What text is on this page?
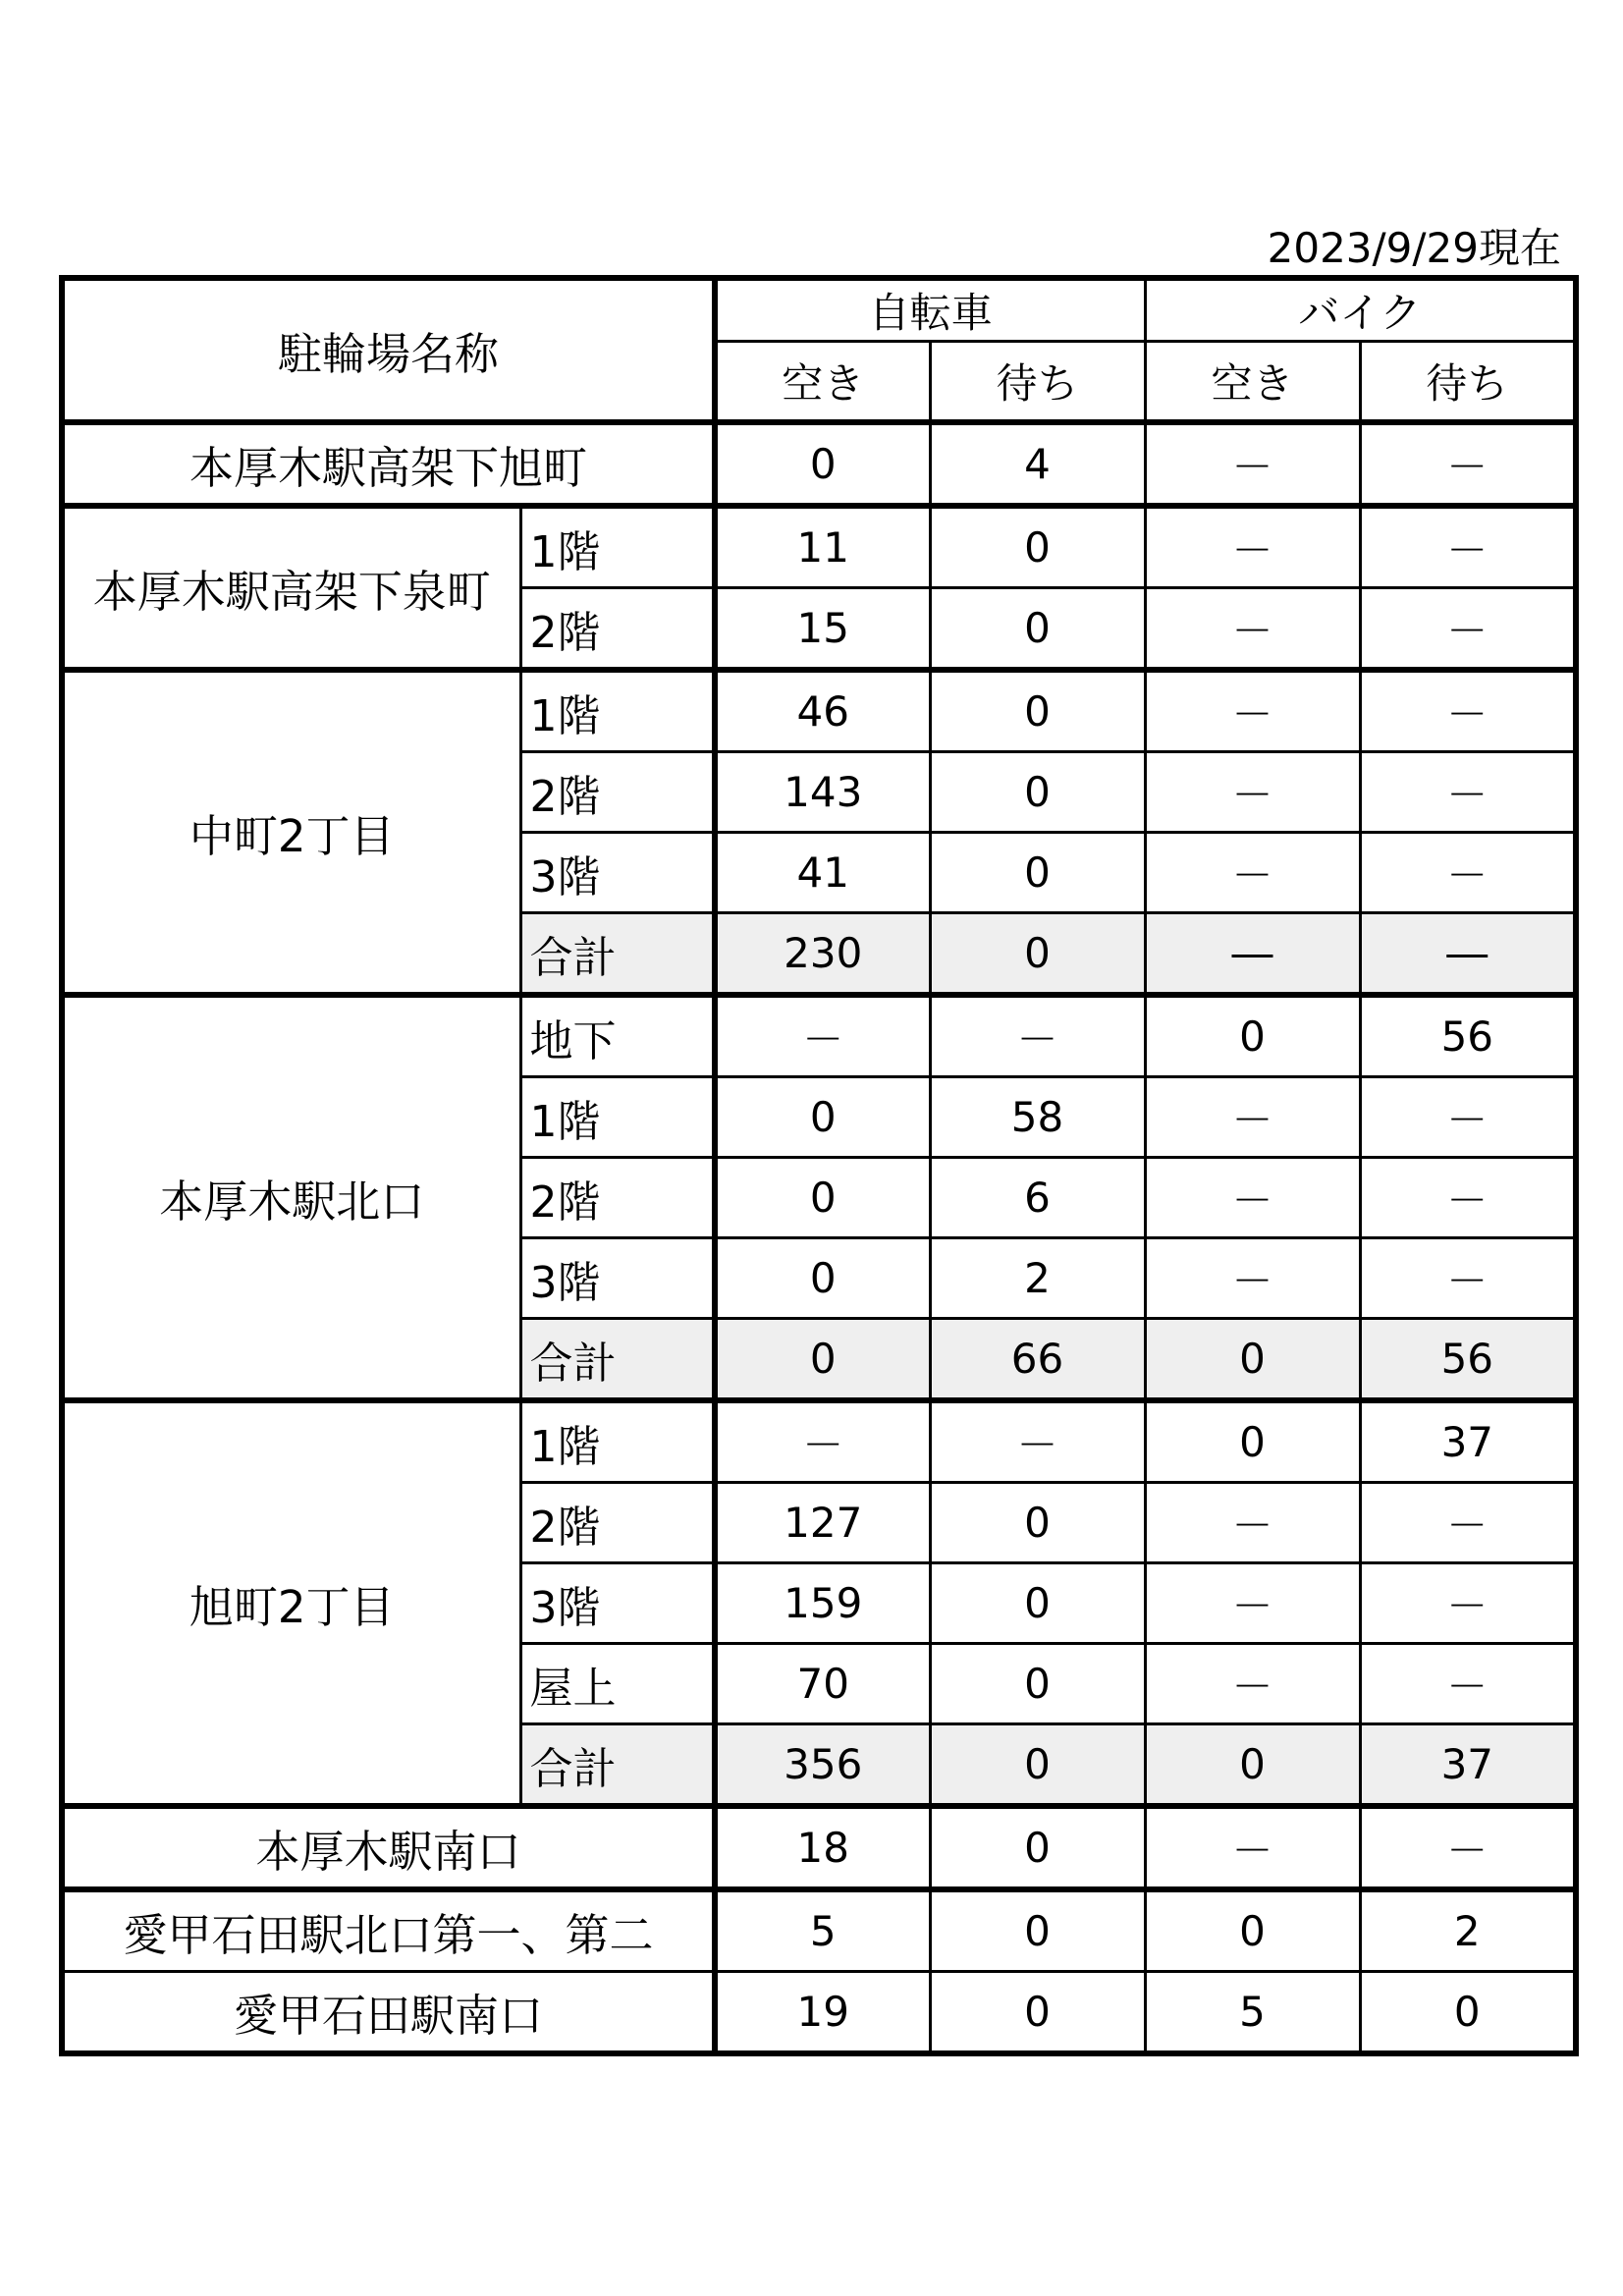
2023/9/29現在
駐輪場名称		自転車		バイク	
		空き	待ち	空き	待ち
本厚木駅高架下旭町		0	4	－	－
本厚木駅高架下泉町	1階	11	0	－	－
	2階	15	0	－	－
中町2丁目	1階	46	0	－	－
	2階	143	0	－	－
	3階	41	0	－	－
	合計	230	0	―	―
本厚木駅北口	地下	－	－	0	56
	1階	0	58	－	－
	2階	0	6	－	－
	3階	0	2	－	－
	合計	0	66	0	56
旭町2丁目	1階	－	－	0	37
	2階	127	0	－	－
	3階	159	0	－	－
	屋上	70	0	－	－
	合計	356	0	0	37
本厚木駅南口		18	0	－	－
愛甲石田駅北口第一、第二		5	0	0	2
愛甲石田駅南口		19	0	5	0
